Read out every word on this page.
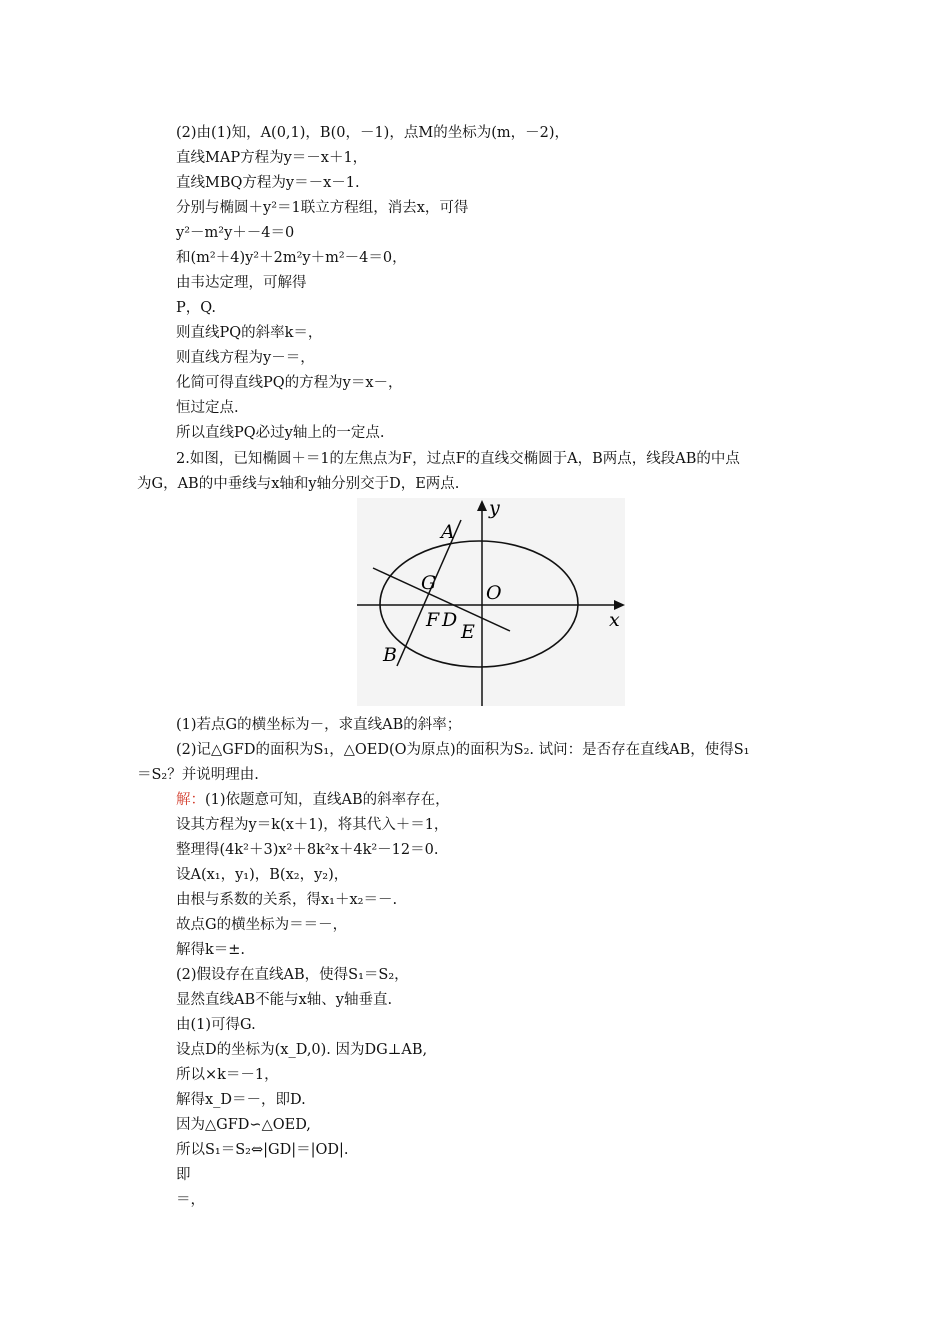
(2)由(1)知，A(0,1)，B(0，－1)，点M的坐标为(m，－2)，
直线MAP方程为y＝－x＋1，
直线MBQ方程为y＝－x－1.
分别与椭圆＋y²＝1联立方程组，消去x，可得
y²－m²y＋－4＝0
和(m²＋4)y²＋2m²y＋m²－4＝0，
由韦达定理，可解得
P，Q.
则直线PQ的斜率k＝，
则直线方程为y－＝，
化简可得直线PQ的方程为y＝x－，
恒过定点.
所以直线PQ必过y轴上的一定点.
2.如图，已知椭圆＋＝1的左焦点为F，过点F的直线交椭圆于A，B两点，线段AB的中点
为G，AB的中垂线与x轴和y轴分别交于D，E两点.
A
B
G	O
F D
E
x
y
(1)若点G的横坐标为－，求直线AB的斜率；
(2)记△GFD的面积为S₁，△OED(O为原点)的面积为S₂. 试问：是否存在直线AB，使得S₁
＝S₂？并说明理由.
解：(1)依题意可知，直线AB的斜率存在，
设其方程为y＝k(x＋1)，将其代入＋＝1，
整理得(4k²＋3)x²＋8k²x＋4k²－12＝0.
设A(x₁，y₁)，B(x₂，y₂)，
由根与系数的关系，得x₁＋x₂＝－.
故点G的横坐标为＝＝－，
解得k＝±.
(2)假设存在直线AB，使得S₁＝S₂，
显然直线AB不能与x轴、y轴垂直.
由(1)可得G.
设点D的坐标为(x_D,0). 因为DG⊥AB,
所以×k＝－1，
解得x_D＝－，即D.
因为△GFD∽△OED,
所以S₁＝S₂⇔|GD|＝|OD|.
即
＝，
